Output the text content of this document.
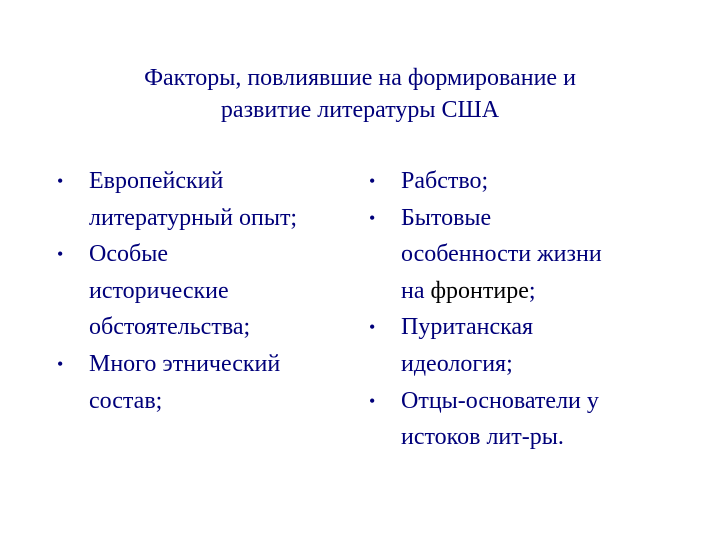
Факторы, повлиявшие на формирование и
развитие литературы США
•	Европейский
литературный опыт;
•	Особые
исторические
обстоятельства;
•	Много этнический
состав;
•	Рабство;
•	Бытовые
особенности жизни
на фронтире;
•	Пуританская
идеология;
•	Отцы-основатели у
истоков лит-ры.
